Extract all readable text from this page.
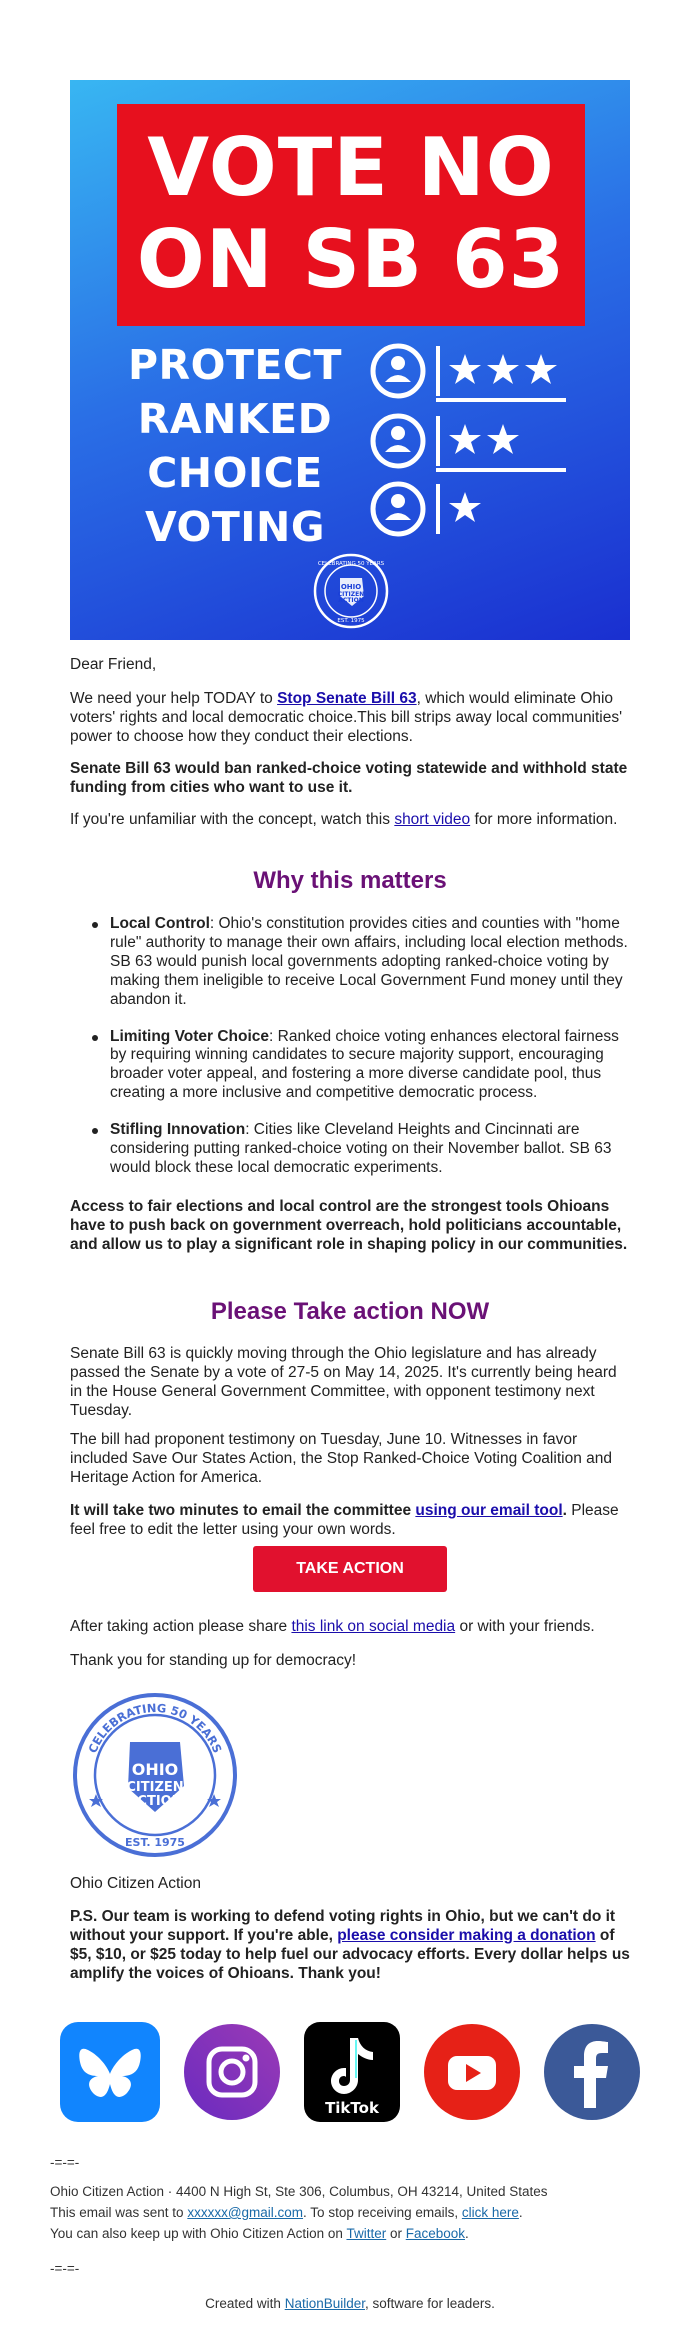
VOTE NO
ON SB 63
PROTECT
RANKED
CHOICE
VOTING
OHIO
CITIZEN
ACTION
CELEBRATING 50 YEARS
EST. 1975
Dear Friend,
We need your help TODAY to Stop Senate Bill 63, which would eliminate Ohio voters' rights and local democratic choice.This bill strips away local communities' power to choose how they conduct their elections.
Senate Bill 63 would ban ranked-choice voting statewide and withhold state funding from cities who want to use it.
If you're unfamiliar with the concept, watch this short video for more information.
Why this matters
Local Control: Ohio's constitution provides cities and counties with "home rule" authority to manage their own affairs, including local election methods. SB 63 would punish local governments adopting ranked-choice voting by making them ineligible to receive Local Government Fund money until they abandon it.
Limiting Voter Choice: Ranked choice voting enhances electoral fairness by requiring winning candidates to secure majority support, encouraging broader voter appeal, and fostering a more diverse candidate pool, thus creating a more inclusive and competitive democratic process.
Stifling Innovation: Cities like Cleveland Heights and Cincinnati are considering putting ranked-choice voting on their November ballot. SB 63 would block these local democratic experiments.
Access to fair elections and local control are the strongest tools Ohioans have to push back on government overreach, hold politicians accountable, and allow us to play a significant role in shaping policy in our communities.
Please Take action NOW
Senate Bill 63 is quickly moving through the Ohio legislature and has already passed the Senate by a vote of 27-5 on May 14, 2025. It's currently being heard in the House General Government Committee, with opponent testimony next Tuesday.
The bill had proponent testimony on Tuesday, June 10. Witnesses in favor included Save Our States Action, the Stop Ranked-Choice Voting Coalition and Heritage Action for America.
It will take two minutes to email the committee using our email tool. Please feel free to edit the letter using your own words.
TAKE ACTION
After taking action please share this link on social media or with your friends.
Thank you for standing up for democracy!
OHIO
CITIZEN
ACTION
CELEBRATING 50 YEARS
EST. 1975
Ohio Citizen Action
P.S. Our team is working to defend voting rights in Ohio, but we can't do it without your support. If you're able, please consider making a donation of $5, $10, or $25 today to help fuel our advocacy efforts. Every dollar helps us amplify the voices of Ohioans. Thank you!
TikTok
-=-=-
Ohio Citizen Action · 4400 N High St, Ste 306, Columbus, OH 43214, United States
This email was sent to xxxxxx@gmail.com. To stop receiving emails, click here.
You can also keep up with Ohio Citizen Action on Twitter or Facebook.
-=-=-
Created with NationBuilder, software for leaders.
